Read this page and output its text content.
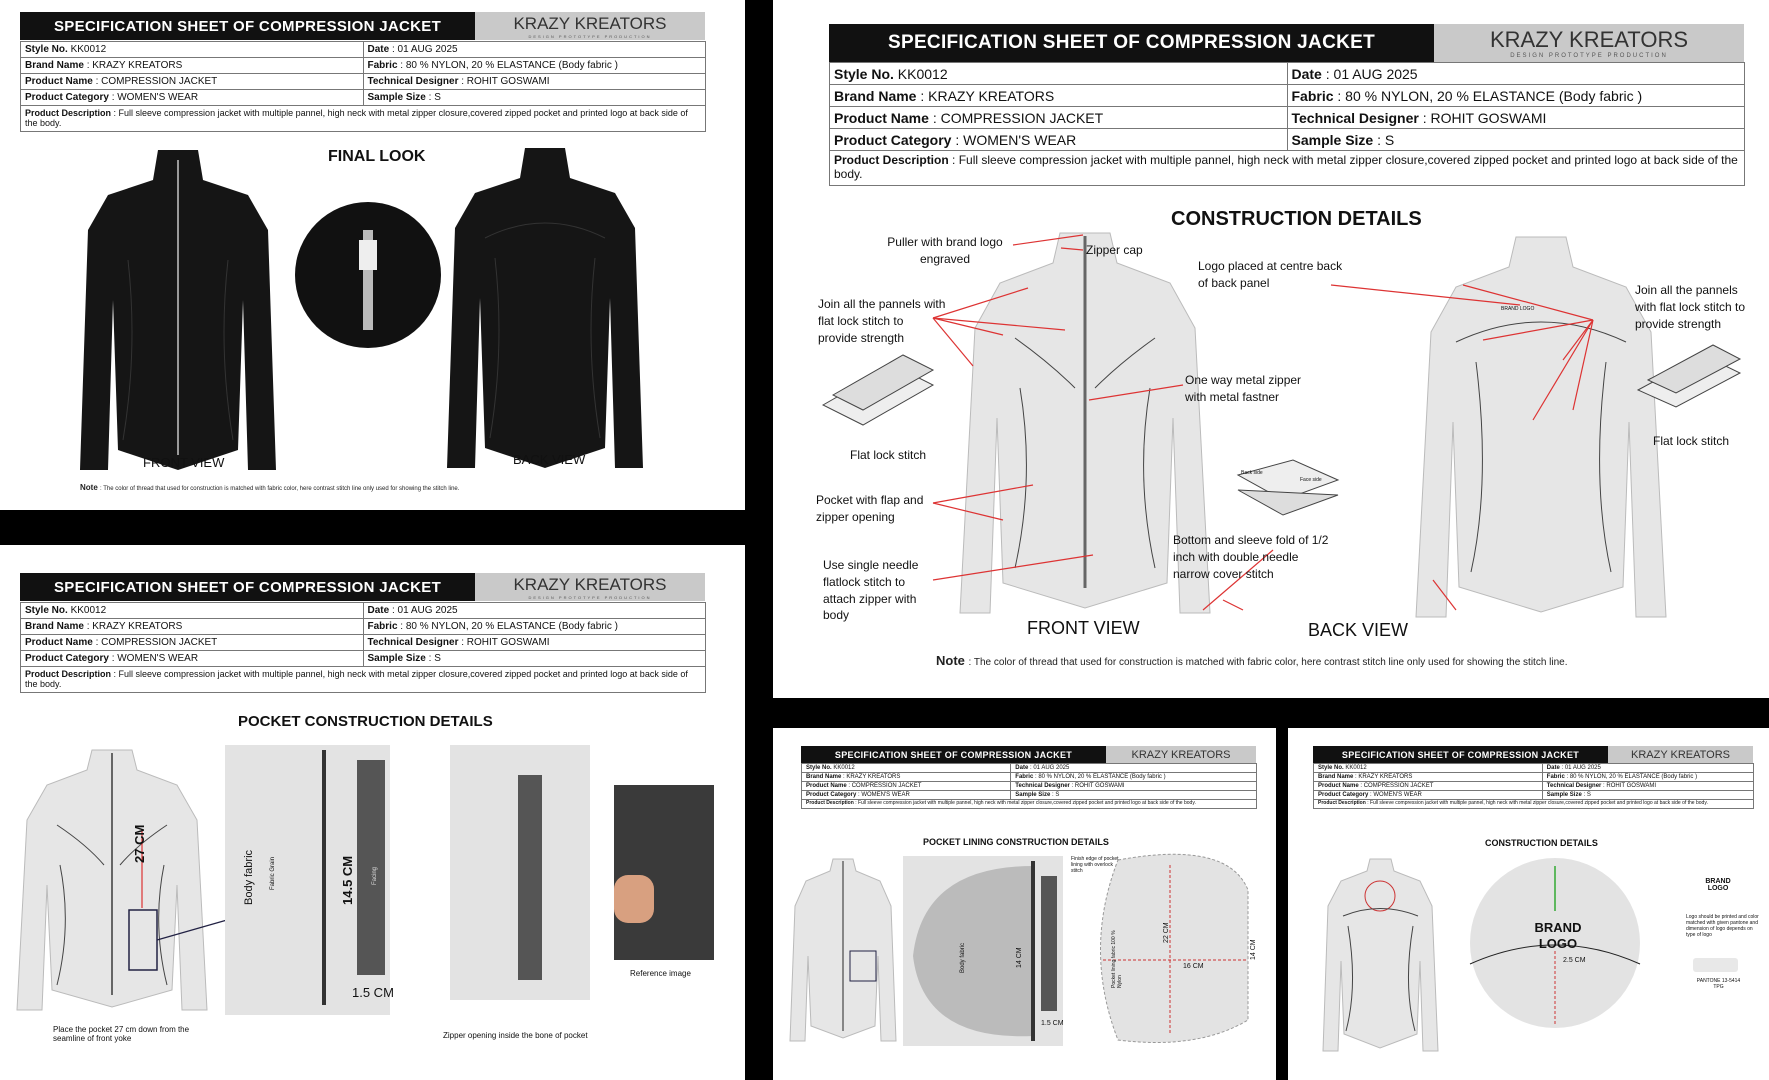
SPECIFICATION SHEET OF COMPRESSION JACKET	KRAZY KREATORS
DESIGN PROTOTYPE PRODUCTION
Style No. KK0012	Date : 01 AUG 2025
Brand Name : KRAZY KREATORS	Fabric : 80 % NYLON, 20 % ELASTANCE (Body fabric )
Product Name : COMPRESSION JACKET	Technical Designer : ROHIT GOSWAMI
Product Category : WOMEN'S WEAR	Sample Size : S
Product Description : Full sleeve compression jacket with multiple pannel, high neck with metal zipper closure,covered zipped pocket and printed logo at back side of the body.	
FINAL LOOK
FRONT VIEW	BACK VIEW
Note : The color of thread that used for construction is matched with fabric color, here contrast stitch line only used for showing the stitch line.
SPECIFICATION SHEET OF COMPRESSION JACKET	KRAZY KREATORS
DESIGN PROTOTYPE PRODUCTION
Style No. KK0012	Date : 01 AUG 2025
Brand Name : KRAZY KREATORS	Fabric : 80 % NYLON, 20 % ELASTANCE (Body fabric )
Product Name : COMPRESSION JACKET	Technical Designer : ROHIT GOSWAMI
Product Category : WOMEN'S WEAR	Sample Size : S
Product Description : Full sleeve compression jacket with multiple pannel, high neck with metal zipper closure,covered zipped pocket and printed logo at back side of the body.	
CONSTRUCTION DETAILS
FRONT VIEW
BRAND LOGO
BACK VIEW
Back side
Face side
Puller with brand logo engraved
Zipper cap
Join all the pannels with flat lock stitch to provide strength
Flat lock stitch
Pocket with flap and zipper opening
Use single needle flatlock stitch to attach zipper with body
Logo placed at centre back of back panel
One way metal zipper with metal fastner
Bottom and sleeve fold of 1/2 inch with double needle narrow cover stitch
Join all the pannels with flat lock stitch to provide strength
Flat lock stitch
Note : The color of thread that used for construction is matched with fabric color, here contrast stitch line only used for showing the stitch line.
SPECIFICATION SHEET OF COMPRESSION JACKET	KRAZY KREATORS
DESIGN PROTOTYPE PRODUCTION
Style No. KK0012	Date : 01 AUG 2025
Brand Name : KRAZY KREATORS	Fabric : 80 % NYLON, 20 % ELASTANCE (Body fabric )
Product Name : COMPRESSION JACKET	Technical Designer : ROHIT GOSWAMI
Product Category : WOMEN'S WEAR	Sample Size : S
Product Description : Full sleeve compression jacket with multiple pannel, high neck with metal zipper closure,covered zipped pocket and printed logo at back side of the body.	
POCKET CONSTRUCTION DETAILS
27 CM
Body fabric	Fabric Grain	14.5 CM	Facing
1.5 CM
Reference image
Place the pocket 27 cm down from the seamline of front yoke	Zipper opening inside the bone of pocket
SPECIFICATION SHEET OF COMPRESSION JACKET	KRAZY KREATORS
Style No. KK0012	Date : 01 AUG 2025
Brand Name : KRAZY KREATORS	Fabric : 80 % NYLON, 20 % ELASTANCE (Body fabric )
Product Name : COMPRESSION JACKET	Technical Designer : ROHIT GOSWAMI
Product Category : WOMEN'S WEAR	Sample Size : S
Product Description : Full sleeve compression jacket with multiple pannel, high neck with metal zipper closure,covered zipped pocket and printed logo at back side of the body.	
POCKET LINING CONSTRUCTION DETAILS
Body fabric	14 CM
1.5 CM
Finish edge of pocket lining with overlock stitch
Pocket lining fabric 100 % Nylon
22 CM
16 CM
14 CM
SPECIFICATION SHEET OF COMPRESSION JACKET	KRAZY KREATORS
Style No. KK0012	Date : 01 AUG 2025
Brand Name : KRAZY KREATORS	Fabric : 80 % NYLON, 20 % ELASTANCE (Body fabric )
Product Name : COMPRESSION JACKET	Technical Designer : ROHIT GOSWAMI
Product Category : WOMEN'S WEAR	Sample Size : S
Product Description : Full sleeve compression jacket with multiple pannel, high neck with metal zipper closure,covered zipped pocket and printed logo at back side of the body.	
CONSTRUCTION DETAILS
BRAND LOGO
2.5 CM
BRAND LOGO
Logo should be printed and color matched with given pantone and dimension of logo depends on type of logo
PANTONE 13-5414 TPG
